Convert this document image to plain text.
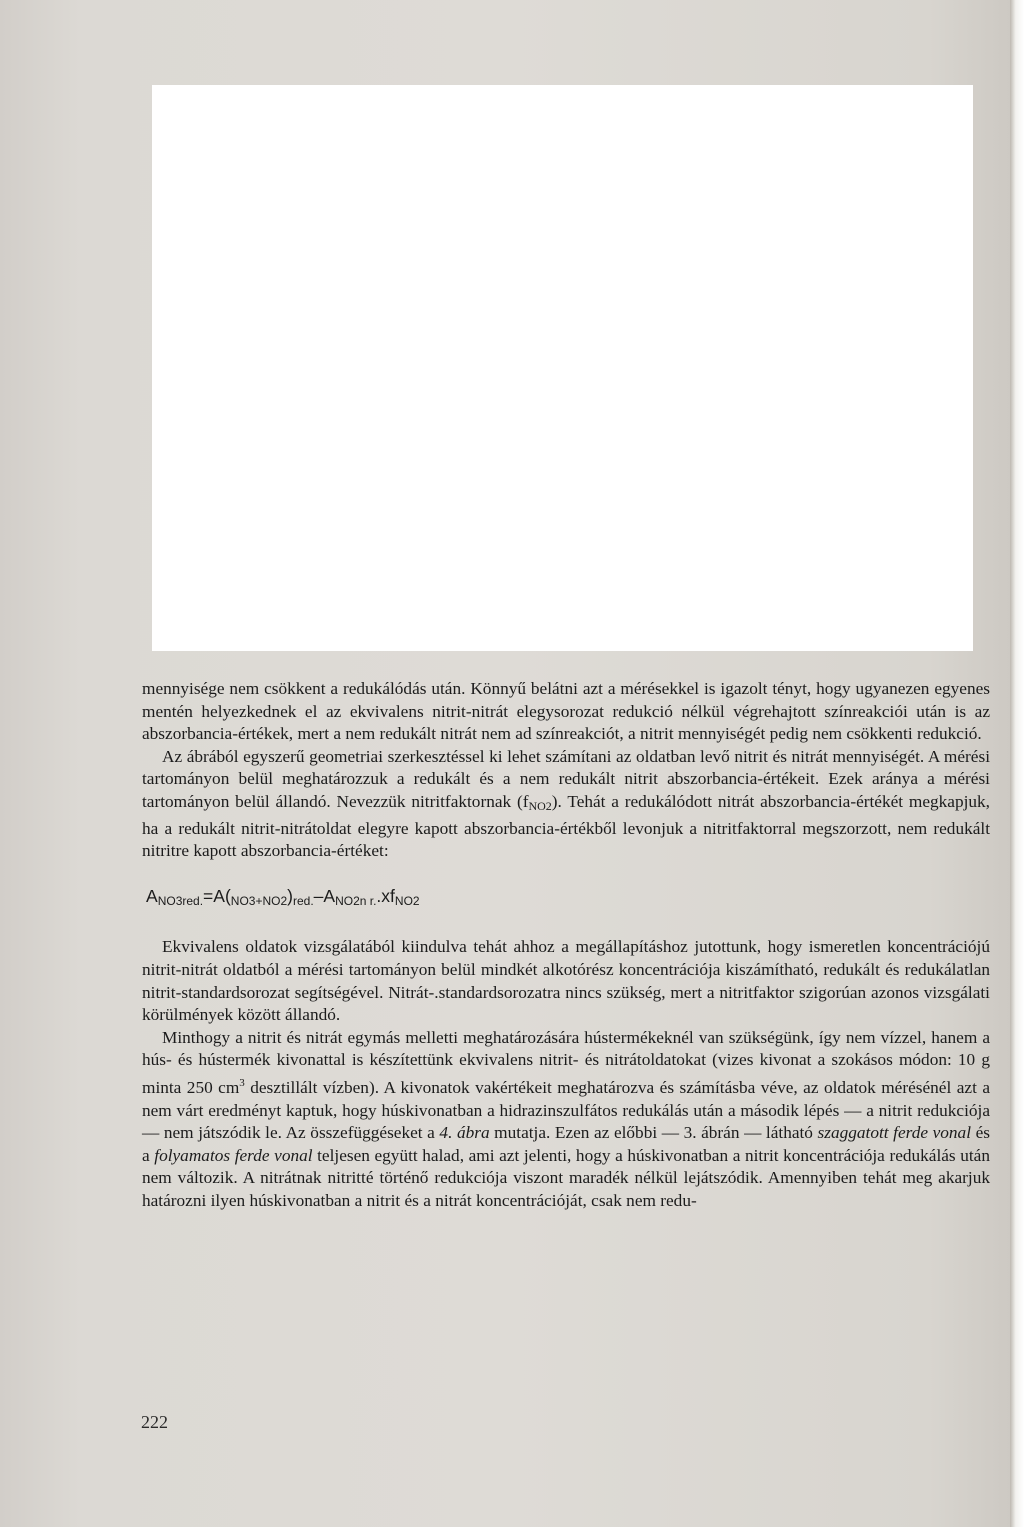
mennyisége nem csökkent a redukálódás után. Könnyű belátni azt a mérésekkel is igazolt tényt, hogy ugyanezen egyenes mentén helyezkednek el az ekvivalens nitrit-nitrát elegysorozat redukció nélkül végrehajtott színreakciói után is az abszorbancia-értékek, mert a nem redukált nitrát nem ad színreakciót, a nitrit mennyiségét pedig nem csökkenti redukció.

Az ábrából egyszerű geometriai szerkesztéssel ki lehet számítani az oldatban levő nitrit és nitrát mennyiségét. A mérési tartományon belül meghatározzuk a redukált és a nem redukált nitrit abszorbancia-értékeit. Ezek aránya a mérési tartományon belül állandó. Nevezzük nitritfaktornak $(f_{NO2})$. Tehát a redukálódott nitrát abszorbancia-értékét megkapjuk, ha a redukált nitrit-nitrátoldat elegyre kapott abszorbancia-értékből levonjuk a nitritfaktorral megszorzott, nem redukált nitritre kapott abszorbancia-értéket:

$A_{NO3red.}=A(_{NO3+NO2})_{red.}-A_{NO2n r.}.xf_{NO2}$

Ekvivalens oldatok vizsgálatából kiindulva tehát ahhoz a megállapításhoz jutottunk, hogy ismeretlen koncentrációjú nitrit-nitrát oldatból a mérési tartományon belül mindkét alkotórész koncentrációja kiszámítható, redukált és redukálatlan nitrit-standardsorozat segítségével. Nitrát-.standardsorozatra nincs szükség, mert a nitritfaktor szigorúan azonos vizsgálati körülmények között állandó.

Minthogy a nitrit és nitrát egymás melletti meghatározására hústermékeknél van szükségünk, így nem vízzel, hanem a hús- és hústermék kivonattal is készítettünk ekvivalens nitrit- és nitrátoldatokat (vizes kivonat a szokásos módon: 10 g minta 250 $cm^3$ desztillált vízben). A kivonatok vakértékeit meghatározva és számításba véve, az oldatok mérésénél azt a nem várt eredményt kaptuk, hogy húskivonatban a hidrazinszulfátos redukálás után a második lépés — a nitrit redukciója — nem játszódik le. Az összefüggéseket a 4. ábra mutatja. Ezen az előbbi — 3. ábrán — látható szaggatott ferde vonal és a folyamatos ferde vonal teljesen együtt halad, ami azt jelenti, hogy a húskivonatban a nitrit koncentrációja redukálás után nem változik. A nitrátnak nitritté történő redukciója viszont maradék nélkül lejátszódik. Amennyiben tehát meg akarjuk határozni ilyen húskivonatban a nitrit és a nitrát koncentrációját, csak nem redu-

222
